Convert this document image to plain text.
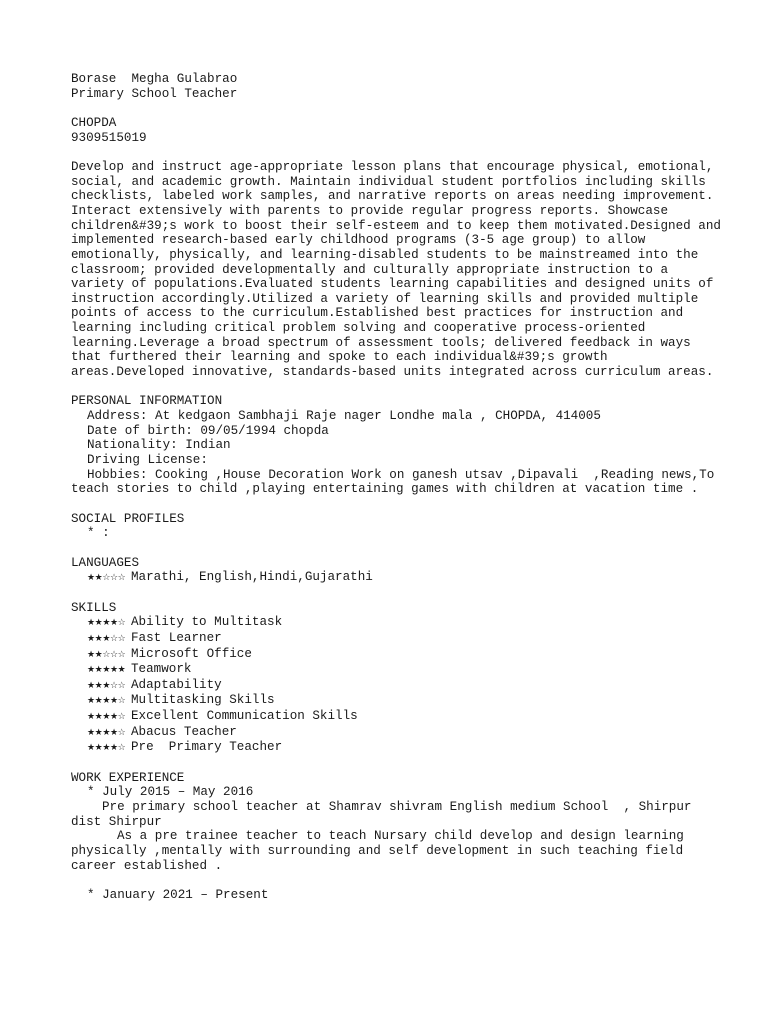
Borase  Megha Gulabrao
Primary School Teacher
CHOPDA
9309515019

Develop and instruct age-appropriate lesson plans that encourage physical, emotional, social, and academic growth. Maintain individual student portfolios including skills checklists, labeled work samples, and narrative reports on areas needing improvement. Interact extensively with parents to provide regular progress reports. Showcase children&#39;s work to boost their self-esteem and to keep them motivated.Designed and implemented research-based early childhood programs (3-5 age group) to allow emotionally, physically, and learning-disabled students to be mainstreamed into the classroom; provided developmentally and culturally appropriate instruction to a variety of populations.Evaluated students learning capabilities and designed units of instruction accordingly.Utilized a variety of learning skills and provided multiple points of access to the curriculum.Established best practices for instruction and learning including critical problem solving and cooperative process-oriented learning.Leverage a broad spectrum of assessment tools; delivered feedback in ways that furthered their learning and spoke to each individual&#39;s growth areas.Developed innovative, standards-based units integrated across curriculum areas.

PERSONAL INFORMATION
Address: At kedgaon Sambhaji Raje nager Londhe mala , CHOPDA, 414005
Date of birth: 09/05/1994 chopda
Nationality: Indian
Driving License:
Hobbies: Cooking ,House Decoration Work on ganesh utsav ,Dipavali  ,Reading news,To teach stories to child ,playing entertaining games with children at vacation time .
SOCIAL PROFILES
* :
LANGUAGES
★★☆☆☆ Marathi, English,Hindi,Gujarathi
SKILLS
★★★★☆ Ability to Multitask
★★★☆☆ Fast Learner
★★☆☆☆ Microsoft Office
★★★★★ Teamwork
★★★☆☆ Adaptability
★★★★☆ Multitasking Skills
★★★★☆ Excellent Communication Skills
★★★★☆ Abacus Teacher
★★★★☆ Pre  Primary Teacher
WORK EXPERIENCE
* July 2015 – May 2016
Pre primary school teacher at Shamrav shivram English medium School  , Shirpur dist Shirpur
As a pre trainee teacher to teach Nursary child develop and design learning physically ,mentally with surrounding and self development in such teaching field career established .
* January 2021 – Present
